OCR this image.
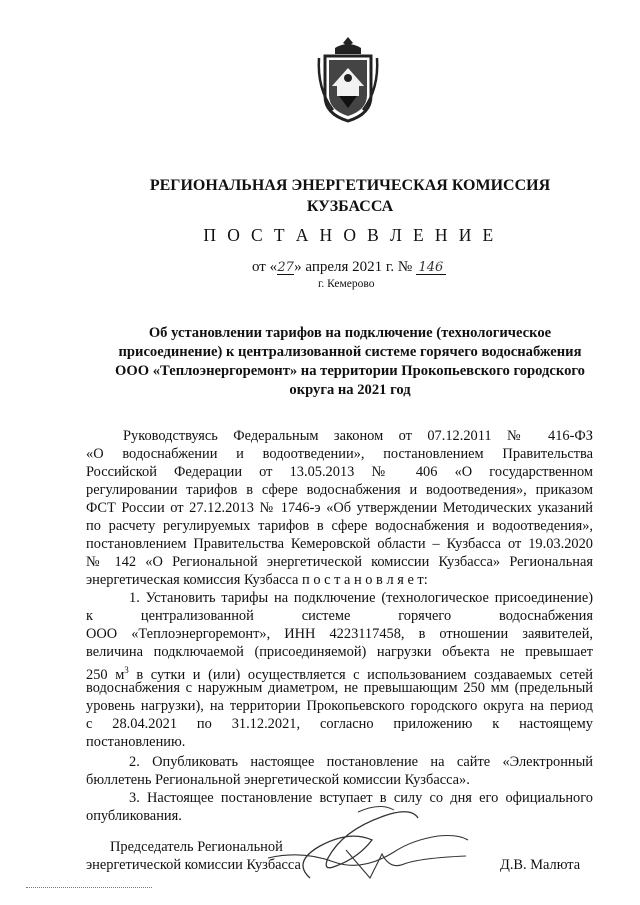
РЕГИОНАЛЬНАЯ ЭНЕРГЕТИЧЕСКАЯ КОМИССИЯ
КУЗБАССА
П О С Т А Н О В Л Е Н И Е
от «27» апреля 2021 г. № 146
г. Кемерово
Об установлении тарифов на подключение (технологическое
присоединение) к централизованной системе горячего водоснабжения
ООО «Теплоэнергоремонт» на территории Прокопьевского городского
округа на 2021 год
Руководствуясь Федеральным законом от 07.12.2011 № 416-ФЗ
«О водоснабжении и водоотведении», постановлением Правительства
Российской Федерации от 13.05.2013 № 406 «О государственном
регулировании тарифов в сфере водоснабжения и водоотведения», приказом
ФСТ России от 27.12.2013 № 1746-э «Об утверждении Методических указаний
по расчету регулируемых тарифов в сфере водоснабжения и водоотведения»,
постановлением Правительства Кемеровской области – Кузбасса от 19.03.2020
№ 142 «О Региональной энергетической комиссии Кузбасса» Региональная
энергетическая комиссия Кузбасса п о с т а н о в л я е т:
1. Установить тарифы на подключение (технологическое присоединение)
к централизованной системе горячего водоснабжения
ООО «Теплоэнергоремонт», ИНН 4223117458, в отношении заявителей,
величина подключаемой (присоединяемой) нагрузки объекта не превышает
250 $м^3$ в сутки и (или) осуществляется с использованием создаваемых сетей
водоснабжения с наружным диаметром, не превышающим 250 мм (предельный
уровень нагрузки), на территории Прокопьевского городского округа на период
с 28.04.2021 по 31.12.2021, согласно приложению к настоящему
постановлению.
2. Опубликовать настоящее постановление на сайте «Электронный
бюллетень Региональной энергетической комиссии Кузбасса».
3. Настоящее постановление вступает в силу со дня его официального
опубликования.
Председатель Региональной
энергетической комиссии Кузбасса	Д.В. Малюта
